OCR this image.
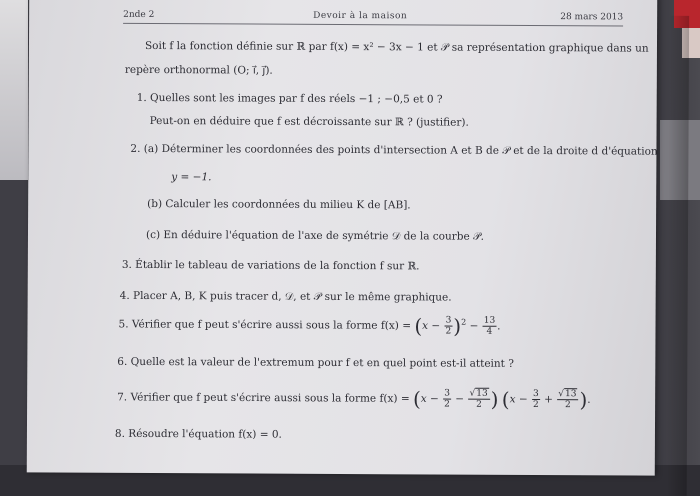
2nde 2	Devoir à la maison	28 mars 2013
Soit f la fonction définie sur ℝ par f(x) = x² − 3x − 1 et 𝒫 sa représentation graphique dans un
repère orthonormal (O; i⃗, j⃗).
1. Quelles sont les images par f des réels −1 ; −0,5 et 0 ?
Peut-on en déduire que f est décroissante sur ℝ ? (justifier).
2. (a) Déterminer les coordonnées des points d'intersection A et B de 𝒫 et de la droite d d'équation
y = −1.
(b) Calculer les coordonnées du milieu K de [AB].
(c) En déduire l'équation de l'axe de symétrie 𝒟 de la courbe 𝒫.
3. Établir le tableau de variations de la fonction f sur ℝ.
4. Placer A, B, K puis tracer d, 𝒟, et 𝒫 sur le même graphique.
5. Vérifier que f peut s'écrire aussi sous la forme $f(x) = (x - \frac{3}{2} )^2 - \frac{13}{4}$ .
6. Quelle est la valeur de l'extremum pour f et en quel point est-il atteint ?
7. Vérifier que f peut s'écrire aussi sous la forme $f(x) = (x - \frac{3}{2} - \frac{√13}{2}$ ) ($x - \frac{3}{2} + \frac{√13}{2}$ ).
8. Résoudre l'équation f(x) = 0.
